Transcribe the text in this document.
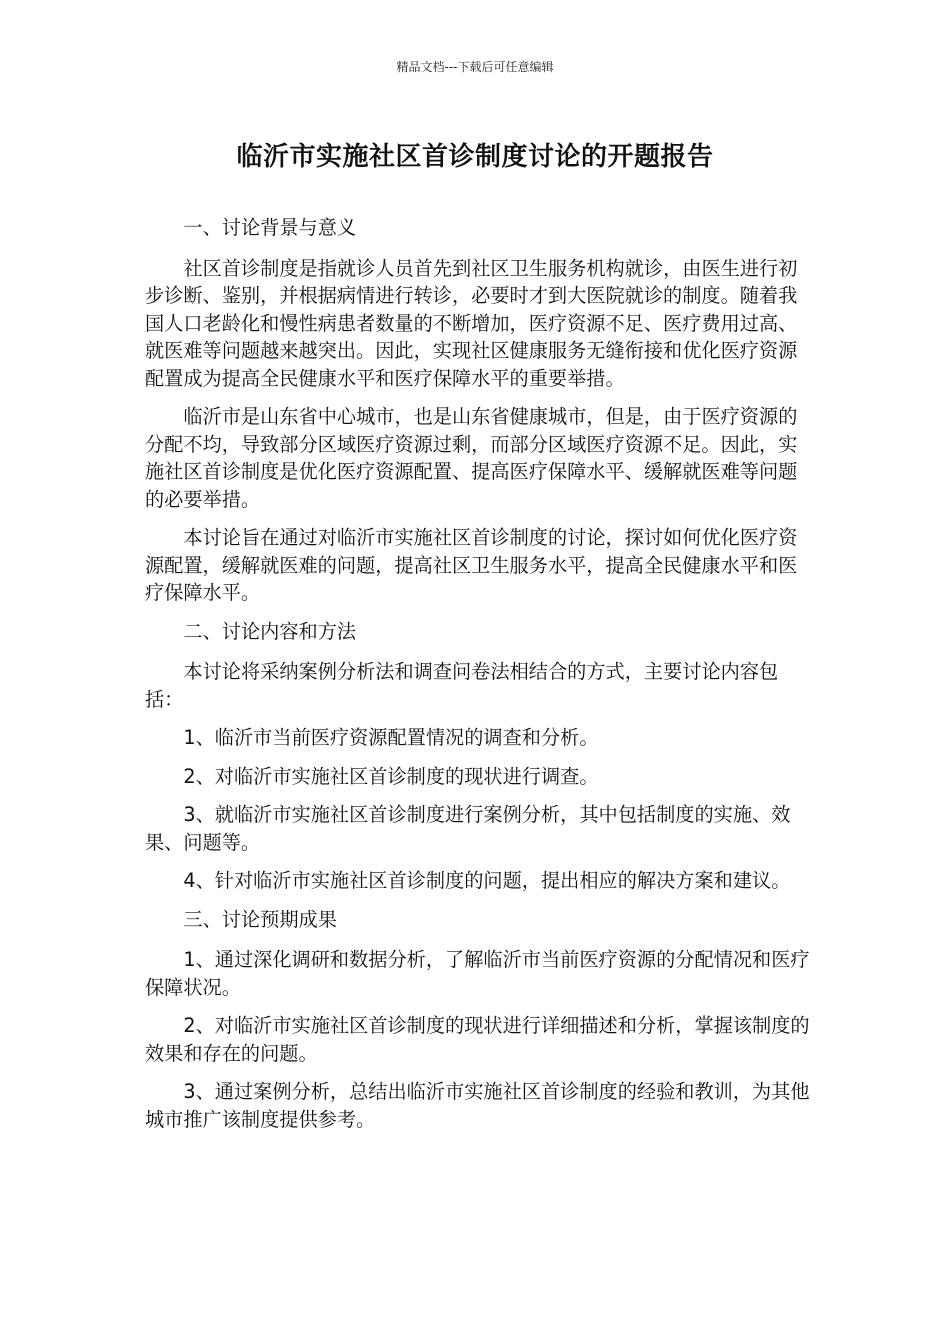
精品文档---下载后可任意编辑
临沂市实施社区首诊制度讨论的开题报告

一、讨论背景与意义

社区首诊制度是指就诊人员首先到社区卫生服务机构就诊，由医生进行初步诊断、鉴别，并根据病情进行转诊，必要时才到大医院就诊的制度。随着我国人口老龄化和慢性病患者数量的不断增加，医疗资源不足、医疗费用过高、就医难等问题越来越突出。因此，实现社区健康服务无缝衔接和优化医疗资源配置成为提高全民健康水平和医疗保障水平的重要举措。

临沂市是山东省中心城市，也是山东省健康城市，但是，由于医疗资源的分配不均，导致部分区域医疗资源过剩，而部分区域医疗资源不足。因此，实施社区首诊制度是优化医疗资源配置、提高医疗保障水平、缓解就医难等问题的必要举措。

本讨论旨在通过对临沂市实施社区首诊制度的讨论，探讨如何优化医疗资源配置，缓解就医难的问题，提高社区卫生服务水平，提高全民健康水平和医疗保障水平。

二、讨论内容和方法

本讨论将采纳案例分析法和调查问卷法相结合的方式，主要讨论内容包括：

1、临沂市当前医疗资源配置情况的调查和分析。

2、对临沂市实施社区首诊制度的现状进行调查。

3、就临沂市实施社区首诊制度进行案例分析，其中包括制度的实施、效果、问题等。

4、针对临沂市实施社区首诊制度的问题，提出相应的解决方案和建议。

三、讨论预期成果

1、通过深化调研和数据分析，了解临沂市当前医疗资源的分配情况和医疗保障状况。

2、对临沂市实施社区首诊制度的现状进行详细描述和分析，掌握该制度的效果和存在的问题。

3、通过案例分析，总结出临沂市实施社区首诊制度的经验和教训，为其他城市推广该制度提供参考。
